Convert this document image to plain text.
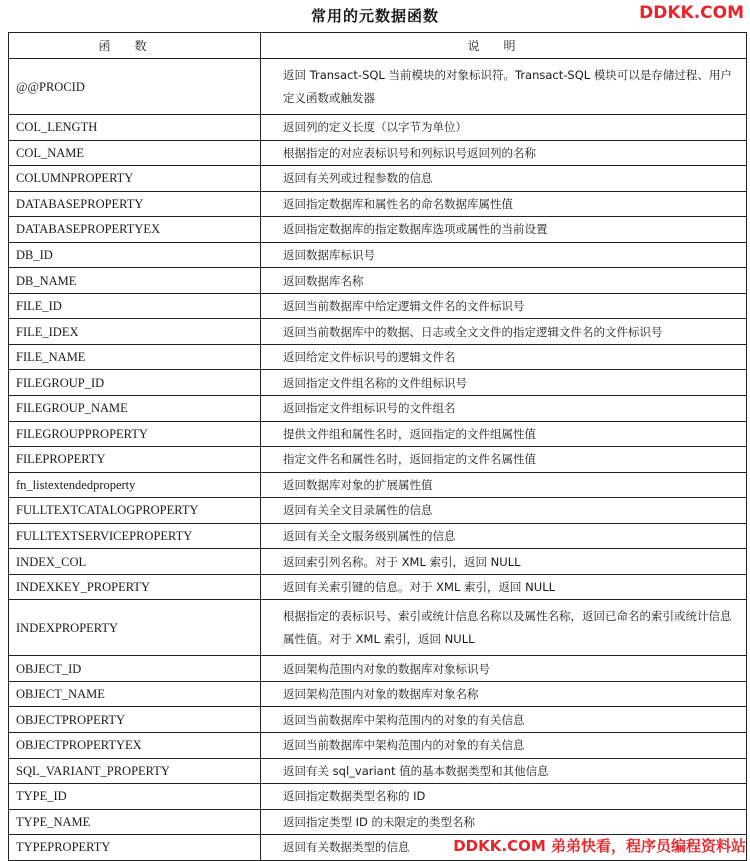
常用的元数据函数	DDKK.COM
函数	说明
@@PROCID	返回 Transact-SQL 当前模块的对象标识符。Transact-SQL 模块可以是存储过程、用户定义函数或触发器
COL_LENGTH	返回列的定义长度（以字节为单位）
COL_NAME	根据指定的对应表标识号和列标识号返回列的名称
COLUMNPROPERTY	返回有关列或过程参数的信息
DATABASEPROPERTY	返回指定数据库和属性名的命名数据库属性值
DATABASEPROPERTYEX	返回指定数据库的指定数据库选项或属性的当前设置
DB_ID	返回数据库标识号
DB_NAME	返回数据库名称
FILE_ID	返回当前数据库中给定逻辑文件名的文件标识号
FILE_IDEX	返回当前数据库中的数据、日志或全文文件的指定逻辑文件名的文件标识号
FILE_NAME	返回给定文件标识号的逻辑文件名
FILEGROUP_ID	返回指定文件组名称的文件组标识号
FILEGROUP_NAME	返回指定文件组标识号的文件组名
FILEGROUPPROPERTY	提供文件组和属性名时，返回指定的文件组属性值
FILEPROPERTY	指定文件名和属性名时，返回指定的文件名属性值
fn_listextendedproperty	返回数据库对象的扩展属性值
FULLTEXTCATALOGPROPERTY	返回有关全文目录属性的信息
FULLTEXTSERVICEPROPERTY	返回有关全文服务级别属性的信息
INDEX_COL	返回索引列名称。对于 XML 索引，返回 NULL
INDEXKEY_PROPERTY	返回有关索引键的信息。对于 XML 索引，返回 NULL
INDEXPROPERTY	根据指定的表标识号、索引或统计信息名称以及属性名称，返回已命名的索引或统计信息属性值。对于 XML 索引，返回 NULL
OBJECT_ID	返回架构范围内对象的数据库对象标识号
OBJECT_NAME	返回架构范围内对象的数据库对象名称
OBJECTPROPERTY	返回当前数据库中架构范围内的对象的有关信息
OBJECTPROPERTYEX	返回当前数据库中架构范围内的对象的有关信息
SQL_VARIANT_PROPERTY	返回有关 sql_variant 值的基本数据类型和其他信息
TYPE_ID	返回指定数据类型名称的 ID
TYPE_NAME	返回指定类型 ID 的未限定的类型名称
TYPEPROPERTY	返回有关数据类型的信息	DDKK.COM 弟弟快看，程序员编程资料站
